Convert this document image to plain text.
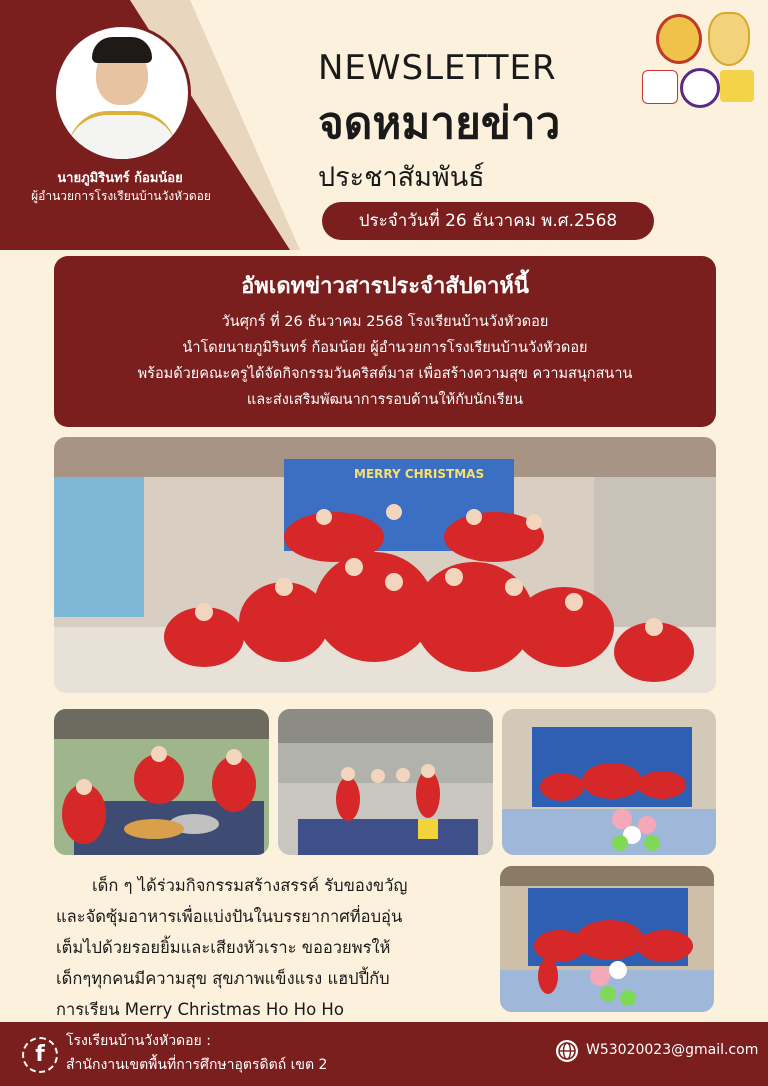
นายภูมิรินทร์ ก้อมน้อย
ผู้อำนวยการโรงเรียนบ้านวังหัวดอย
NEWSLETTER
จดหมายข่าว
ประชาสัมพันธ์
ประจำวันที่ 26 ธันวาคม พ.ศ.2568
อัพเดทข่าวสารประจำสัปดาห์นี้
วันศุกร์ ที่ 26 ธันวาคม 2568 โรงเรียนบ้านวังหัวดอย
นำโดยนายภูมิรินทร์ ก้อมน้อย ผู้อำนวยการโรงเรียนบ้านวังหัวดอย
พร้อมด้วยคณะครูได้จัดกิจกรรมวันคริสต์มาส เพื่อสร้างความสุข ความสนุกสนาน
และส่งเสริมพัฒนาการรอบด้านให้กับนักเรียน
MERRY CHRISTMAS

เด็ก ๆ ได้ร่วมกิจกรรมสร้างสรรค์ รับของขวัญ

และจัดซุ้มอาหารเพื่อแบ่งปันในบรรยากาศที่อบอุ่น

เต็มไปด้วยรอยยิ้มและเสียงหัวเราะ ขออวยพรให้

เด็กๆทุกคนมีความสุข สุขภาพแข็งแรง แฮปปี้กับ

การเรียน Merry Christmas Ho Ho Ho

f
โรงเรียนบ้านวังหัวดอย :
สำนักงานเขตพื้นที่การศึกษาอุตรดิตถ์ เขต 2
W53020023@gmail.com
